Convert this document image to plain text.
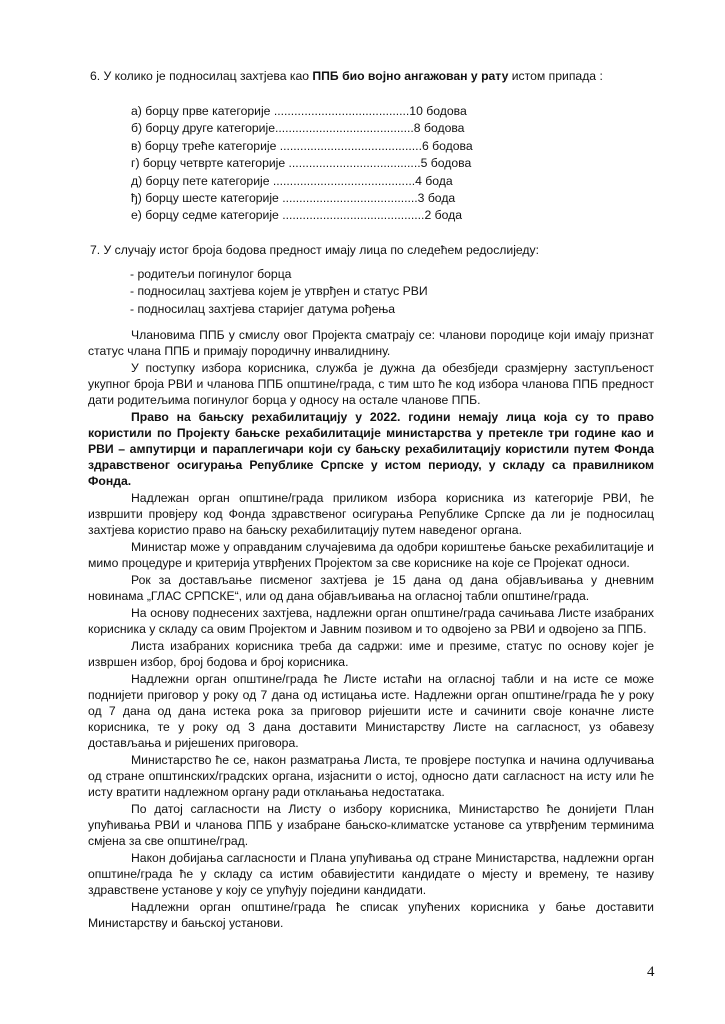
6. У колико је подносилац захтјева као ППБ био војно ангажован у рату истом припада :
а) борцу прве категорије ........................................10 бодова
б) борцу друге категорије.........................................8 бодова
в) борцу треће категорије ..........................................6 бодова
г) борцу четврте категорије .......................................5 бодова
д) борцу пете категорије ..........................................4 бода
ђ) борцу шесте категорије ........................................3 бода
е) борцу седме категорије ..........................................2 бода
7. У случају истог броја бодова предност имају лица по следећем редослиједу:
- родитељи погинулог борца
- подносилац захтјева којем је утврђен и статус РВИ
- подносилац захтјева старијег датума рођења

Члановима ППБ у смислу овог Пројекта сматрају се: чланови породице који имају признат статус члана ППБ и примају породичну инвалиднину.

У поступку избора корисника, служба је дужна да обезбједи сразмјерну заступљеност укупног броја РВИ и чланова ППБ општине/града, с тим што ће код избора чланова ППБ предност дати родитељима погинулог борца у односу на остале чланове ППБ.

Право на бањску рехабилитацију у 2022. години немају лица која су то право користили по Пројекту бањске рехабилитације министарства у претекле три године као и РВИ – ампутирци и параплегичари који су бањску рехабилитацију користили путем Фонда здравственог осигурања Републике Српске у истом периоду, у складу са правилником Фонда.

Надлежан орган општине/града приликом избора корисника из категорије РВИ, ће извршити провјеру код Фонда здравственог осигурања Републике Српске да ли је подносилац захтјева користио право на бањску рехабилитацију путем наведеног органа.

Министар може у оправданим случајевима да одобри кориштење бањске рехабилитације и мимо процедуре и критерија утврђених Пројектом за све кориснике на које се Пројекат односи.

Рок за достављање писменог захтјева је 15 дана од дана објављивања у дневним новинама „ГЛАС СРПСКЕ“, или од дана објављивања на огласној табли општине/града.

На основу поднесених захтјева, надлежни орган општине/града сачињава Листе изабраних корисника у складу са овим Пројектом и Јавним позивом и то одвојено за РВИ и одвојено за ППБ.

Листа изабраних корисника треба да садржи: име и презиме, статус по основу којег је извршен избор, број бодова и број корисника.

Надлежни орган општине/града ће Листе истаћи на огласној табли и на исте се може поднијети приговор у року од 7 дана од истицања исте. Надлежни орган општине/града ће у року од 7 дана од дана истека рока за приговор ријешити исте и сачинити своје коначне листе корисника, те у року од 3 дана доставити Министарству Листе на сагласност, уз обавезу достављања и ријешених приговора.

Министарство ће се, након разматрања Листа, те провјере поступка и начина одлучивања од стране општинских/градских органа, изјаснити о истој, односно дати сагласност на исту или ће исту вратити надлежном органу ради отклањања недостатака.

По датој сагласности на Листу о избору корисника, Министарство ће донијети План упућивања РВИ и чланова ППБ у изабране бањско-климатске установе са утврђеним терминима смјена за све општине/град.

Након добијања сагласности и Плана упућивања од стране Министарства, надлежни орган општине/града ће у складу са истим обавијестити кандидате о мјесту и времену, те називу здравствене установе у коју се упућују поједини кандидати.

Надлежни орган општине/града ће списак упућених корисника у бање доставити Министарству и бањској установи.

4
